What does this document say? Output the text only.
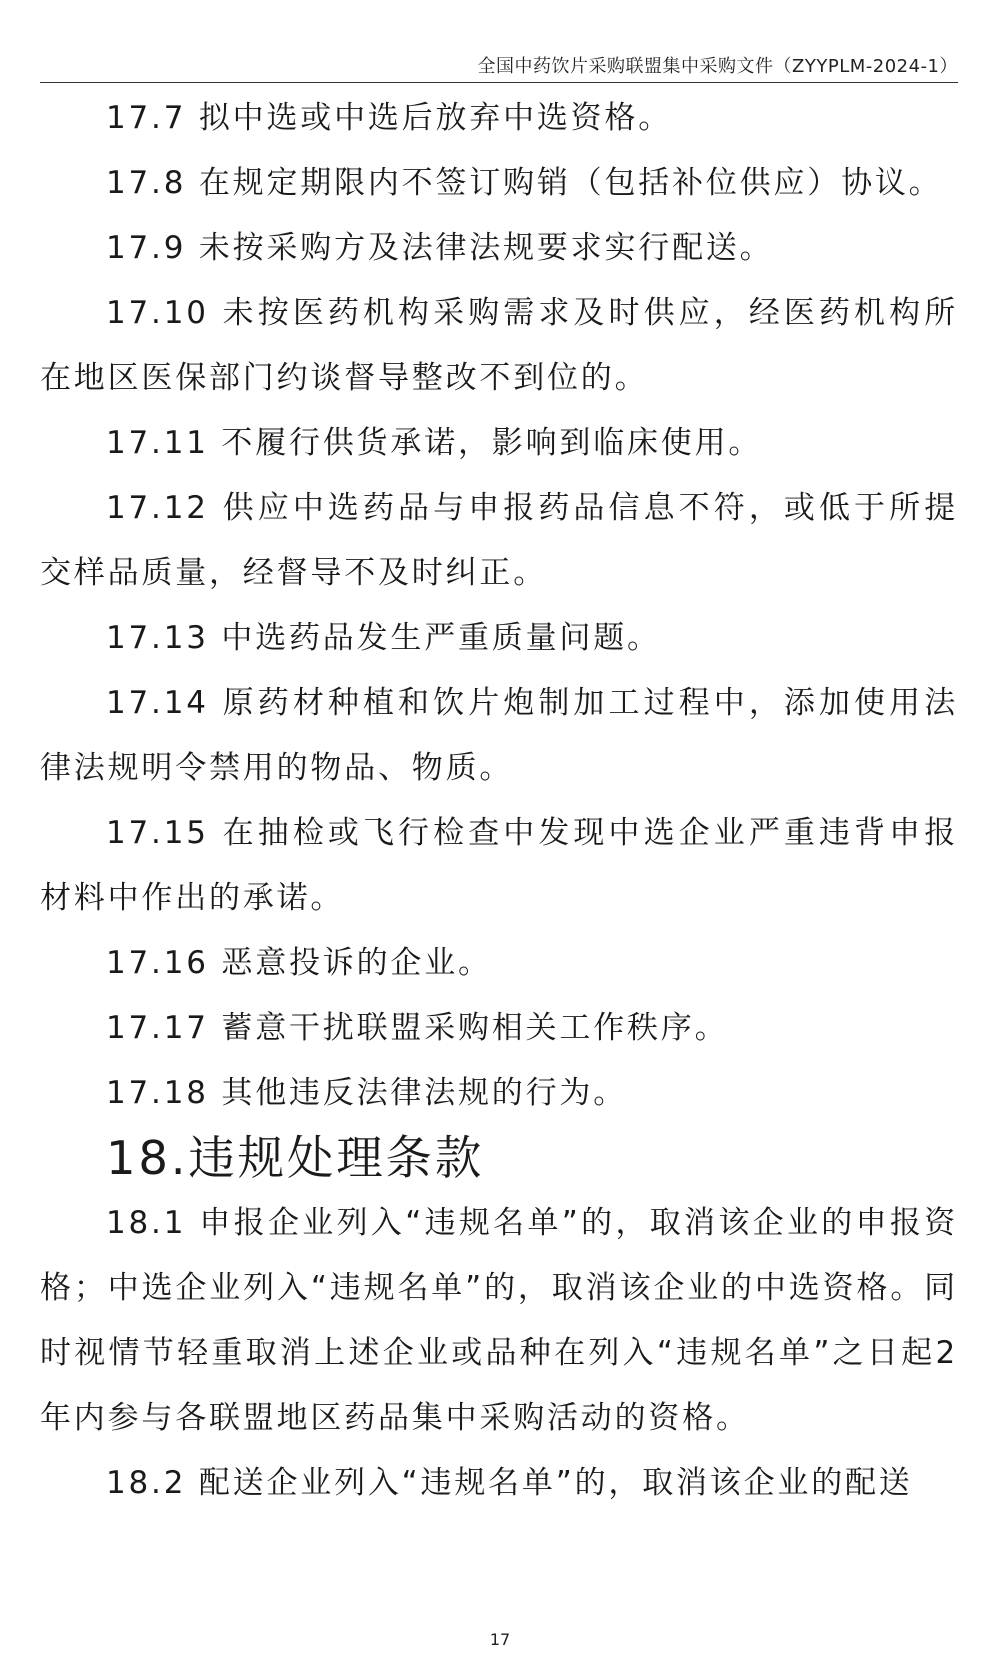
全国中药饮片采购联盟集中采购文件（ZYYPLM-2024-1）

17.7 拟中选或中选后放弃中选资格。

17.8 在规定期限内不签订购销（包括补位供应）协议。

17.9 未按采购方及法律法规要求实行配送。

17.10 未按医药机构采购需求及时供应，经医药机构所在地区医保部门约谈督导整改不到位的。

17.11 不履行供货承诺，影响到临床使用。

17.12 供应中选药品与申报药品信息不符，或低于所提交样品质量，经督导不及时纠正。

17.13 中选药品发生严重质量问题。

17.14 原药材种植和饮片炮制加工过程中，添加使用法律法规明令禁用的物品、物质。

17.15 在抽检或飞行检查中发现中选企业严重违背申报材料中作出的承诺。

17.16 恶意投诉的企业。

17.17 蓄意干扰联盟采购相关工作秩序。

17.18 其他违反法律法规的行为。

18.违规处理条款

18.1 申报企业列入“违规名单”的，取消该企业的申报资格；中选企业列入“违规名单”的，取消该企业的中选资格。同时视情节轻重取消上述企业或品种在列入“违规名单”之日起2年内参与各联盟地区药品集中采购活动的资格。

18.2 配送企业列入“违规名单”的，取消该企业的配送

17
